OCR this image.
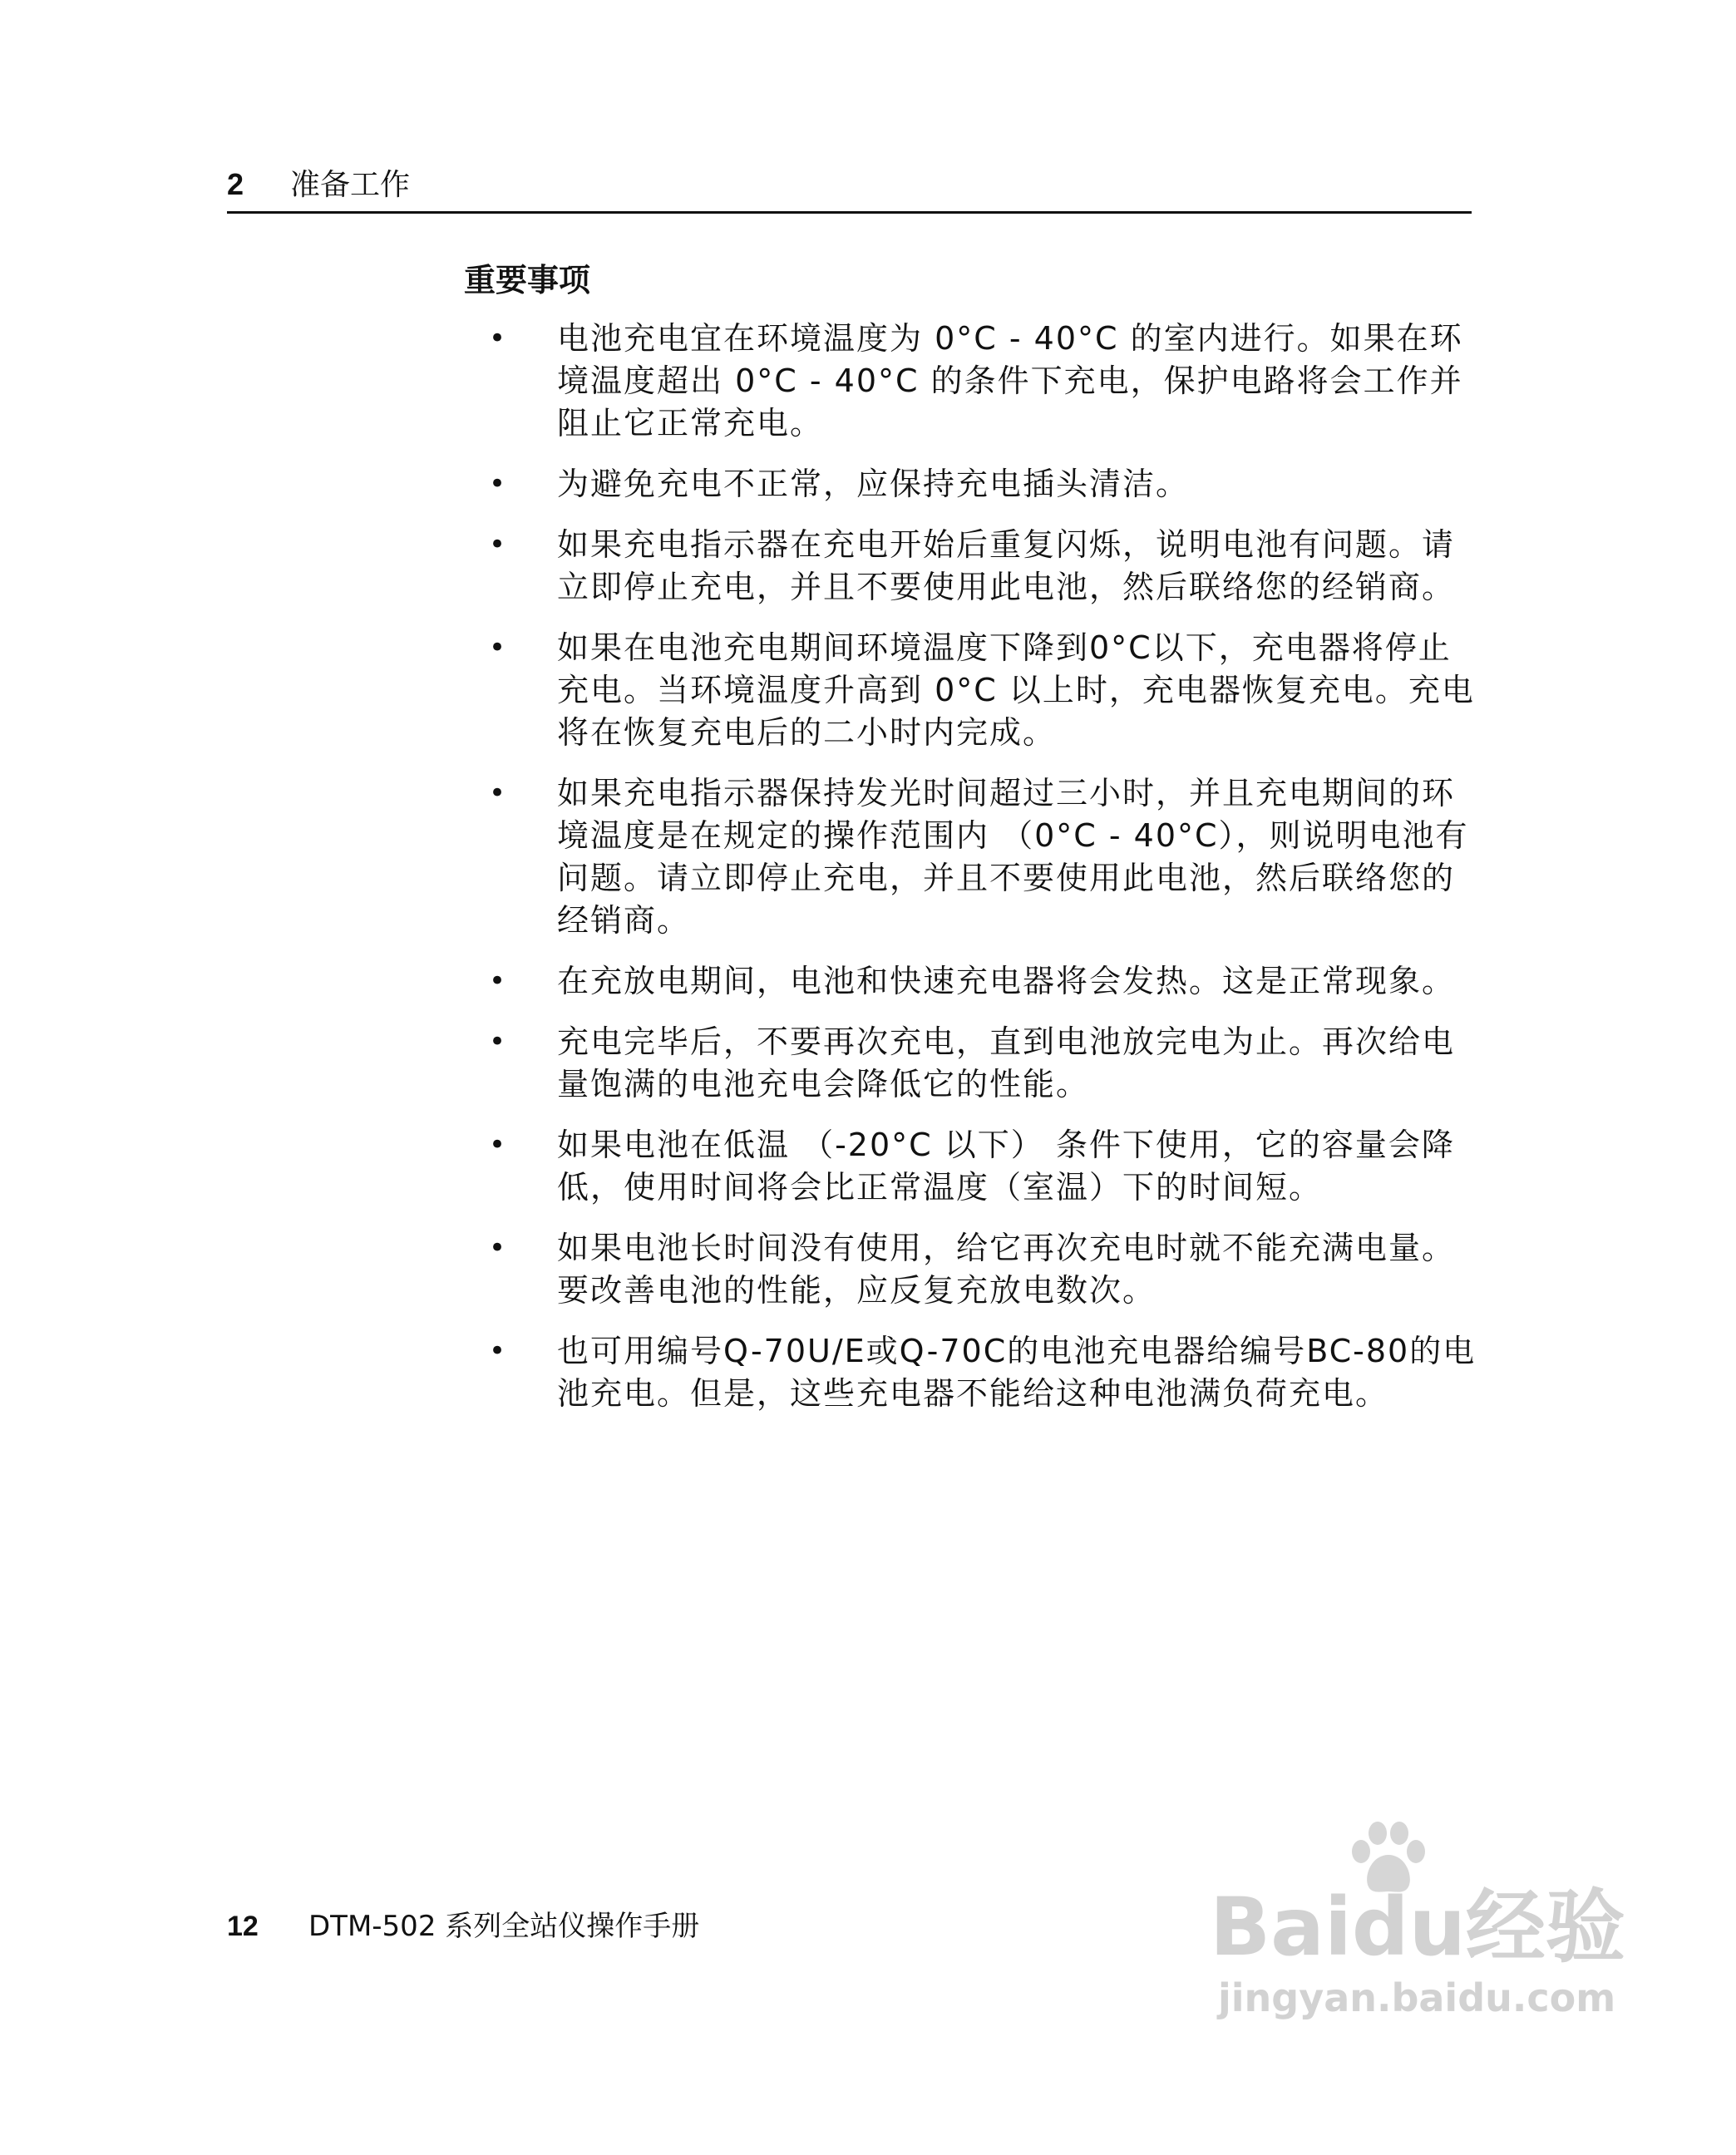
2 准备工作
重要事项
• 电池充电宜在环境温度为 0°C - 40°C 的室内进行。如果在环境温度超出 0°C - 40°C 的条件下充电，保护电路将会工作并阻止它正常充电。
• 为避免充电不正常，应保持充电插头清洁。
• 如果充电指示器在充电开始后重复闪烁，说明电池有问题。请立即停止充电，并且不要使用此电池，然后联络您的经销商。
• 如果在电池充电期间环境温度下降到0°C以下，充电器将停止充电。当环境温度升高到 0°C 以上时，充电器恢复充电。充电将在恢复充电后的二小时内完成。
• 如果充电指示器保持发光时间超过三小时，并且充电期间的环境温度是在规定的操作范围内 （0°C - 40°C），则说明电池有问题。请立即停止充电，并且不要使用此电池，然后联络您的经销商。
• 在充放电期间，电池和快速充电器将会发热。这是正常现象。
• 充电完毕后，不要再次充电，直到电池放完电为止。再次给电量饱满的电池充电会降低它的性能。
• 如果电池在低温 （-20°C 以下） 条件下使用，它的容量会降低，使用时间将会比正常温度（室温）下的时间短。
• 如果电池长时间没有使用，给它再次充电时就不能充满电量。要改善电池的性能，应反复充放电数次。
• 也可用编号Q-70U/E或Q-70C的电池充电器给编号BC-80的电池充电。但是，这些充电器不能给这种电池满负荷充电。
12 DTM-502 系列全站仪操作手册	Baidu经验
jingyan.baidu.com
